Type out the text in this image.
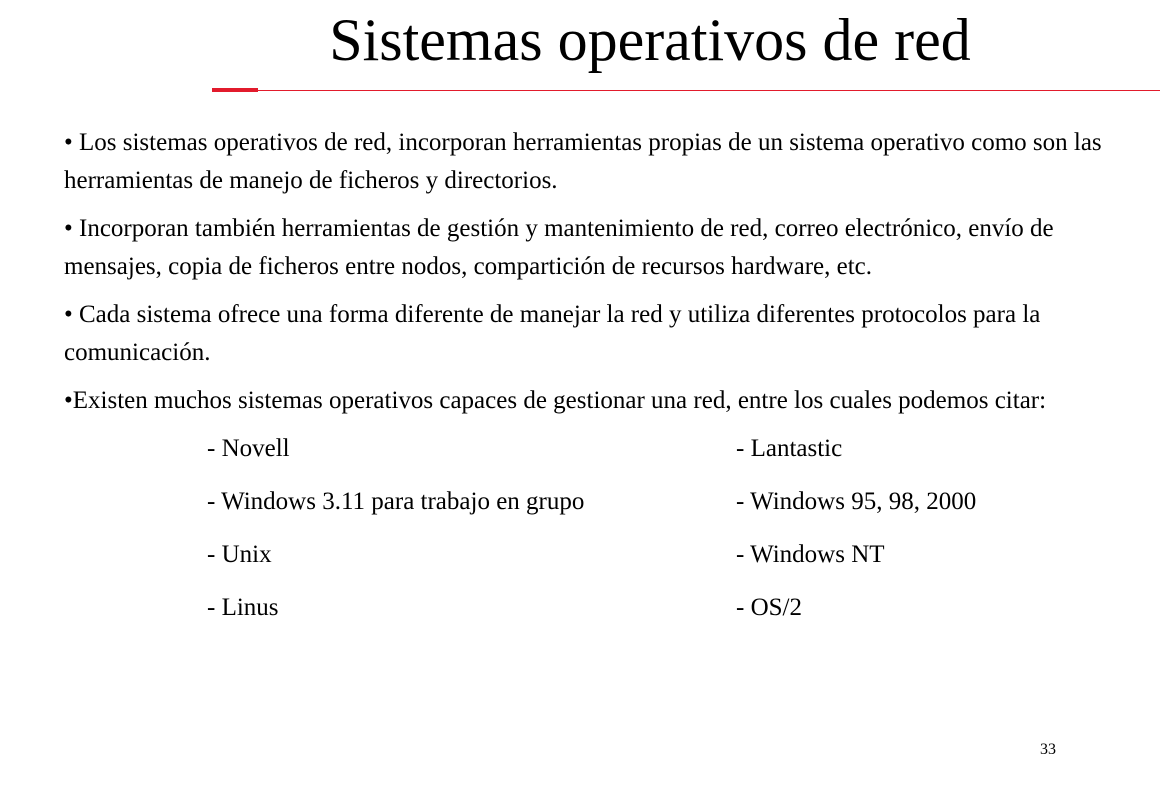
Sistemas operativos de red

• Los sistemas operativos de red, incorporan herramientas propias de un sistema operativo como son las herramientas de manejo de ficheros y directorios.

• Incorporan también herramientas de gestión y mantenimiento de red, correo electrónico, envío de mensajes, copia de ficheros entre nodos, compartición de recursos hardware, etc.

• Cada sistema ofrece una forma diferente de manejar la red y utiliza diferentes protocolos para la comunicación.

•Existen muchos sistemas operativos capaces de gestionar una red, entre los cuales podemos citar:

- Novell	- Lantastic
- Windows 3.11 para trabajo en grupo	- Windows 95, 98, 2000
- Unix	- Windows NT
- Linus	- OS/2
33
